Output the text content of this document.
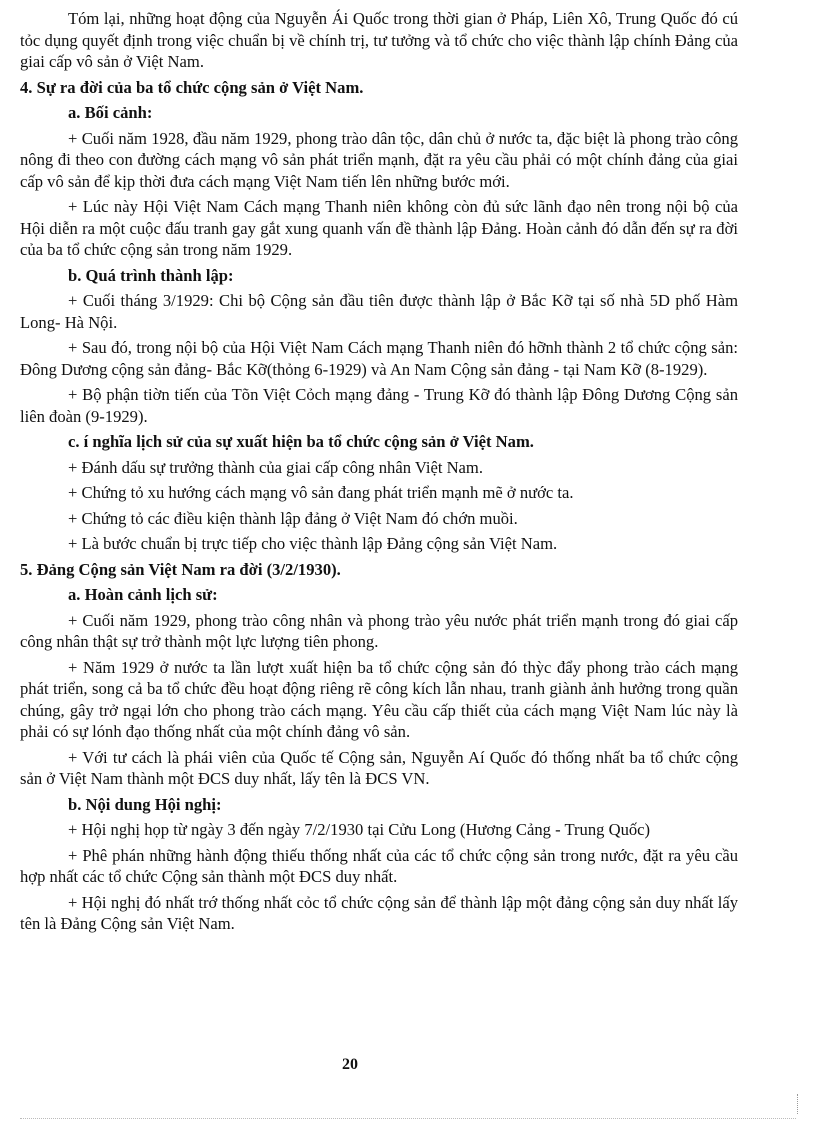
Tóm lại, những hoạt động của Nguyễn Ái Quốc trong thời gian ở Pháp, Liên Xô, Trung Quốc đó cú tỏc dụng quyết định trong việc chuẩn bị về chính trị, tư tưởng và tổ chức cho việc thành lập chính Đảng của giai cấp vô sản ở Việt Nam.

4. Sự ra đời của ba tổ chức cộng sản ở Việt Nam.

a. Bối cảnh:

+ Cuối năm 1928, đầu năm 1929, phong trào dân tộc, dân chủ ở nước ta, đặc biệt là phong trào công nông đi theo con đường cách mạng vô sản phát triển mạnh, đặt ra yêu cầu phải có một chính đảng của giai cấp vô sản để kịp thời đưa cách mạng Việt Nam tiến lên những bước mới.

+ Lúc này Hội Việt Nam Cách mạng Thanh niên không còn đủ sức lãnh đạo nên trong nội bộ của Hội diễn ra một cuộc đấu tranh gay gắt xung quanh vấn đề thành lập Đảng. Hoàn cảnh đó dẫn đến sự ra đời của ba tổ chức cộng sản trong năm 1929.

b. Quá trình thành lập:

+ Cuối tháng 3/1929: Chi bộ Cộng sản đầu tiên được thành lập ở Bắc Kỡ tại số nhà 5D phố Hàm Long- Hà Nội.

+ Sau đó, trong nội bộ của Hội Việt Nam Cách mạng Thanh niên đó hỡnh thành 2 tổ chức cộng sản: Đông Dương cộng sản đảng- Bắc Kỡ(thỏng 6-1929) và An Nam Cộng sản đảng - tại Nam Kỡ (8-1929).

+ Bộ phận tiờn tiến của Tõn Việt Cỏch mạng đảng - Trung Kỡ đó thành lập Đông Dương Cộng sản liên đoàn (9-1929).

c. í nghĩa lịch sử của sự xuất hiện ba tổ chức cộng sản ở Việt Nam.

+ Đánh dấu sự trưởng thành của giai cấp công nhân Việt Nam.

+ Chứng tỏ xu hướng cách mạng vô sản đang phát triển mạnh mẽ ở nước ta.

+ Chứng tỏ các điều kiện thành lập đảng ở Việt Nam đó chớn muồi.

+ Là bước chuẩn bị trực tiếp cho việc thành lập Đảng cộng sản Việt Nam.

5. Đảng Cộng sản Việt Nam ra đời (3/2/1930).

a. Hoàn cảnh lịch sử:

+ Cuối năm 1929, phong trào công nhân và phong trào yêu nước phát triển mạnh trong đó giai cấp công nhân thật sự trở thành một lực lượng tiên phong.

+ Năm 1929 ở nước ta lần lượt xuất hiện ba tổ chức cộng sản đó thỳc đẩy phong trào cách mạng phát triển, song cả ba tổ chức đều hoạt động riêng rẽ công kích lẫn nhau, tranh giành ảnh hưởng trong quần chúng, gây trở ngại lớn cho phong trào cách mạng. Yêu cầu cấp thiết của cách mạng Việt Nam lúc này là phải có sự lónh đạo thống nhất của một chính đảng vô sản.

+ Với tư cách là phái viên của Quốc tế Cộng sản, Nguyễn Aí Quốc đó thống nhất ba tổ chức cộng sản ở Việt Nam thành một ĐCS duy nhất, lấy tên là ĐCS VN.

b. Nội dung Hội nghị:

+ Hội nghị họp từ ngày 3 đến ngày 7/2/1930 tại Cửu Long (Hương Cảng - Trung Quốc)

+ Phê phán những hành động thiếu thống nhất của các tổ chức cộng sản trong nước, đặt ra yêu cầu hợp nhất các tổ chức Cộng sản thành một ĐCS duy nhất.

+ Hội nghị đó nhất trớ thống nhất cỏc tổ chức cộng sản để thành lập một đảng cộng sản duy nhất lấy tên là Đảng Cộng sản Việt Nam.

20
